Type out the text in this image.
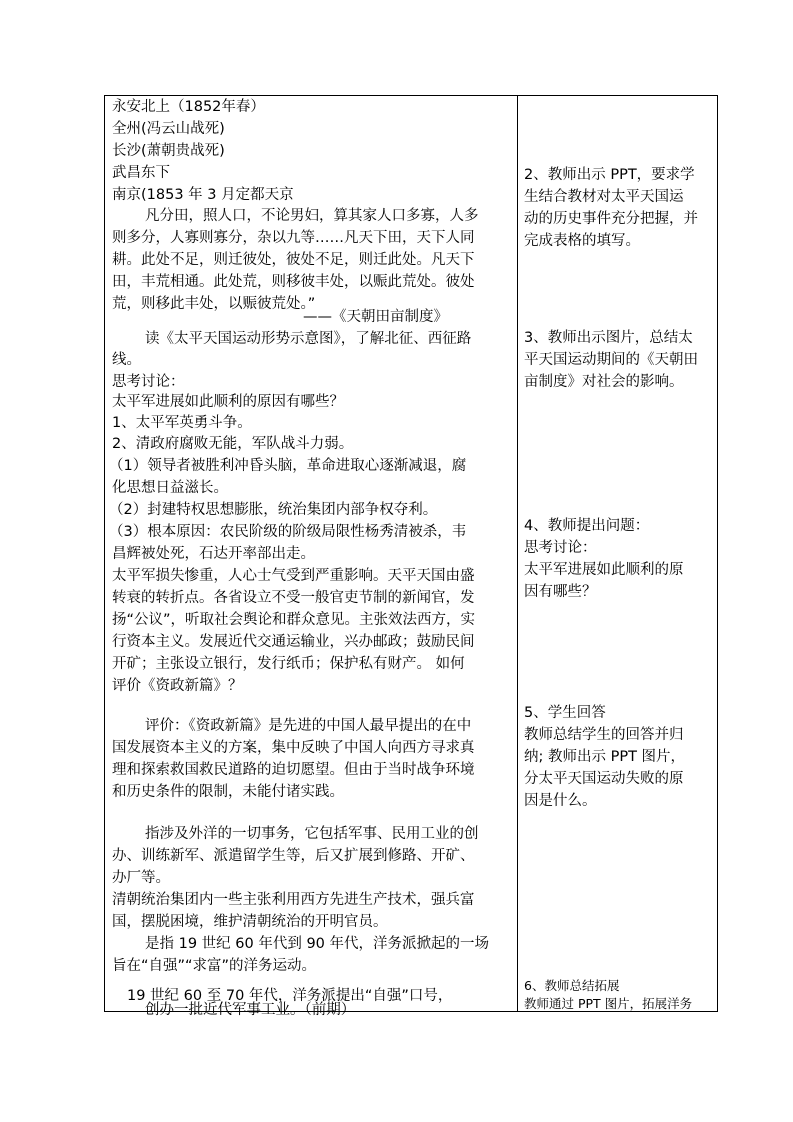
永安北上（1852年春）
全州(冯云山战死)
长沙(萧朝贵战死)
武昌东下
南京(1853 年 3 月定都天京
凡分田，照人口，不论男妇，算其家人口多寡，人多
则多分，人寡则寡分，杂以九等……凡天下田，天下人同
耕。此处不足，则迁彼处，彼处不足，则迁此处。凡天下
田，丰荒相通。此处荒，则移彼丰处，以赈此荒处。彼处
荒，则移此丰处，以赈彼荒处。”
——《天朝田亩制度》
读《太平天国运动形势示意图》，了解北征、西征路
线。
思考讨论：
太平军进展如此顺利的原因有哪些？
1、太平军英勇斗争。
2、清政府腐败无能，军队战斗力弱。
（1）领导者被胜利冲昏头脑，革命进取心逐渐减退，腐
化思想日益滋长。
（2）封建特权思想膨胀，统治集团内部争权夺利。
（3）根本原因：农民阶级的阶级局限性杨秀清被杀，韦
昌辉被处死，石达开率部出走。
太平军损失惨重，人心士气受到严重影响。天平天国由盛
转衰的转折点。各省设立不受一般官吏节制的新闻官，发
扬“公议”，听取社会舆论和群众意见。主张效法西方，实
行资本主义。发展近代交通运输业，兴办邮政；鼓励民间
开矿；主张设立银行，发行纸币；保护私有财产。 如何
评价《资政新篇》？
评价：《资政新篇》是先进的中国人最早提出的在中
国发展资本主义的方案，集中反映了中国人向西方寻求真
理和探索救国救民道路的迫切愿望。但由于当时战争环境
和历史条件的限制，未能付诸实践。
指涉及外洋的一切事务，它包括军事、民用工业的创
办、训练新军、派遣留学生等，后又扩展到修路、开矿、
办厂等。
清朝统治集团内一些主张利用西方先进生产技术，强兵富
国，摆脱困境，维护清朝统治的开明官员。
是指 19 世纪 60 年代到 90 年代，洋务派掀起的一场
旨在“自强”“求富”的洋务运动。
19 世纪 60 至 70 年代，洋务派提出“自强”口号，
创办一批近代军事工业。（前期）
2、教师出示 PPT，要求学
生结合教材对太平天国运
动的历史事件充分把握，并
完成表格的填写。
3、教师出示图片，总结太
平天国运动期间的《天朝田
亩制度》对社会的影响。
4、教师提出问题：
思考讨论：
太平军进展如此顺利的原
因有哪些？
5、学生回答
教师总结学生的回答并归
纳; 教师出示 PPT 图片，
分太平天国运动失败的原
因是什么。
6、教师总结拓展
教师通过 PPT 图片，拓展洋务
